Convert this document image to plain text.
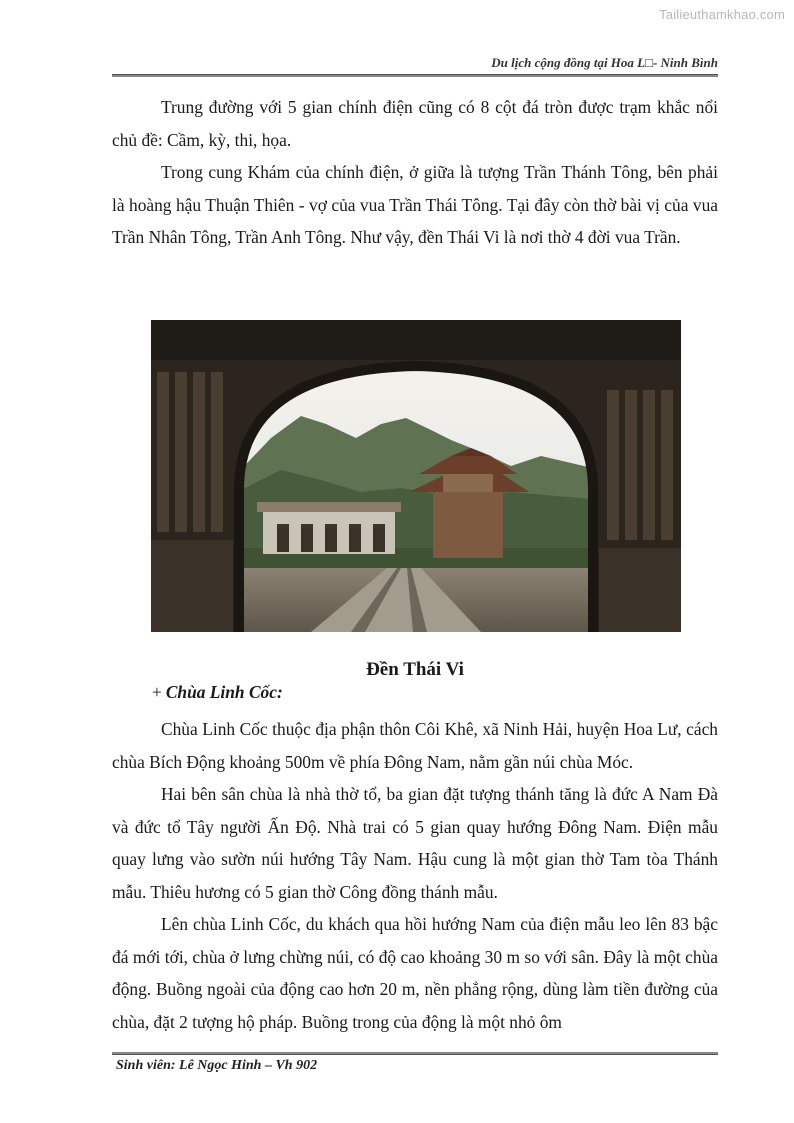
Tailieuthamkhao.com
Du lịch cộng đồng tại Hoa L□- Ninh Bình

Trung đường với 5 gian chính điện cũng có 8 cột đá tròn được trạm khắc nổi chủ đề: Cầm, kỳ, thi, họa.

Trong cung Khám của chính điện, ở giữa là tượng Trần Thánh Tông, bên phải là hoàng hậu Thuận Thiên - vợ của vua Trần Thái Tông. Tại đây còn thờ bài vị của vua Trần Nhân Tông, Trần Anh Tông. Như vậy, đền Thái Vi là nơi thờ 4 đời vua Trần.

Đền Thái Vi
+ Chùa Linh Cốc:

Chùa Linh Cốc thuộc địa phận thôn Côi Khê, xã Ninh Hải, huyện Hoa Lư, cách chùa Bích Động khoảng 500m về phía Đông Nam, nằm gần núi chùa Móc.

Hai bên sân chùa là nhà thờ tổ, ba gian đặt tượng thánh tăng là đức A Nam Đà và đức tổ Tây người Ấn Độ. Nhà trai có 5 gian quay hướng Đông Nam. Điện mẫu quay lưng vào sườn núi hướng Tây Nam. Hậu cung là một gian thờ Tam tòa Thánh mẫu. Thiêu hương có 5 gian thờ Công đồng thánh mẫu.

Lên chùa Linh Cốc, du khách qua hồi hướng Nam của điện mẫu leo lên 83 bậc đá mới tới, chùa ở lưng chừng núi, có độ cao khoảng 30 m so với sân. Đây là một chùa động. Buồng ngoài của động cao hơn 20 m, nền phẳng rộng, dùng làm tiền đường của chùa, đặt 2 tượng hộ pháp. Buồng trong của động là một nhỏ ôm

Sinh viên: Lê Ngọc Hinh – Vh 902
